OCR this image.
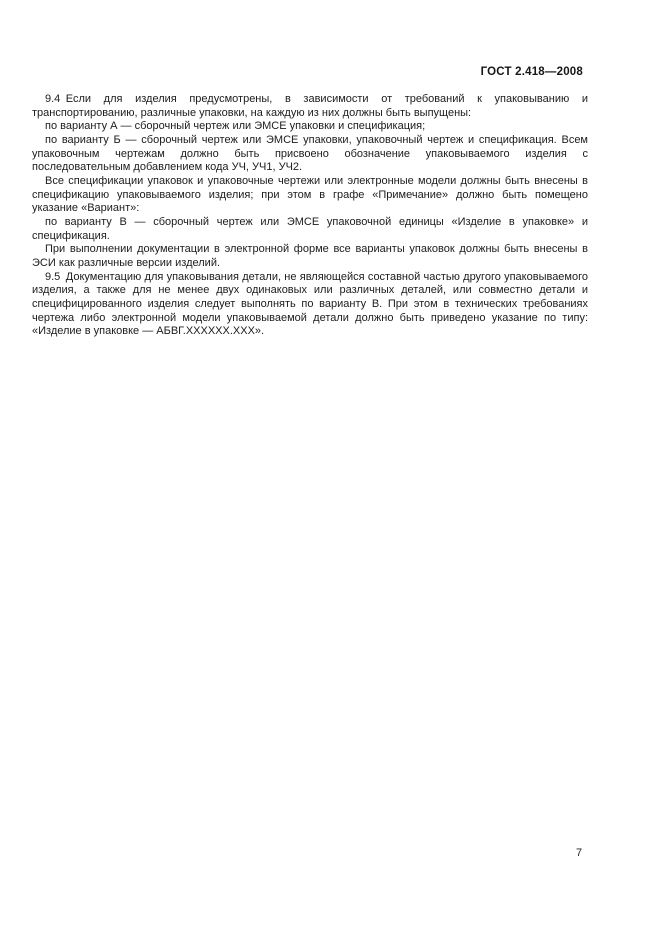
ГОСТ 2.418—2008

9.4 Если для изделия предусмотрены, в зависимости от требований к упаковыванию и транспортированию, различные упаковки, на каждую из них должны быть выпущены:

по варианту А — сборочный чертеж или ЭМСЕ упаковки и спецификация;

по варианту Б — сборочный чертеж или ЭМСЕ упаковки, упаковочный чертеж и спецификация. Всем упаковочным чертежам должно быть присвоено обозначение упаковываемого изделия с последовательным добавлением кода УЧ, УЧ1, УЧ2.

Все спецификации упаковок и упаковочные чертежи или электронные модели должны быть внесены в спецификацию упаковываемого изделия; при этом в графе «Примечание» должно быть помещено указание «Вариант»:

по варианту В — сборочный чертеж или ЭМСЕ упаковочной единицы «Изделие в упаковке» и спецификация.

При выполнении документации в электронной форме все варианты упаковок должны быть внесены в ЭСИ как различные версии изделий.

9.5 Документацию для упаковывания детали, не являющейся составной частью другого упаковываемого изделия, а также для не менее двух одинаковых или различных деталей, или совместно детали и специфицированного изделия следует выполнять по варианту В. При этом в технических требованиях чертежа либо электронной модели упаковываемой детали должно быть приведено указание по типу: «Изделие в упаковке — АБВГ.ХХХХХХ.ХХХ».

7
